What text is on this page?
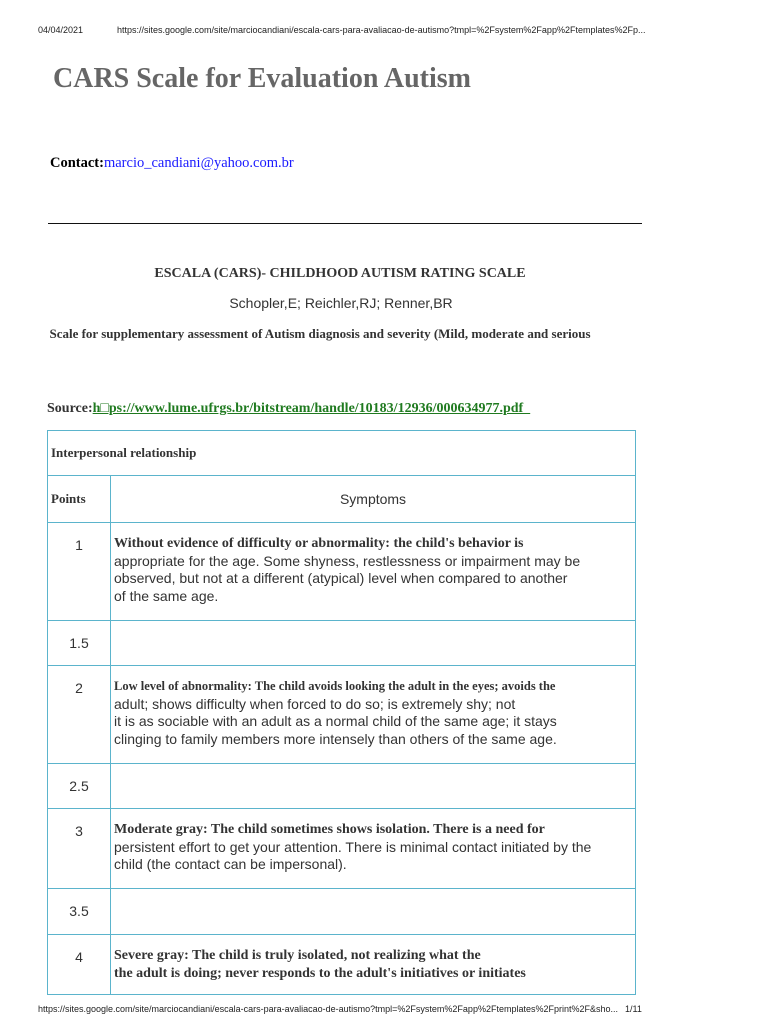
04/04/2021	https://sites.google.com/site/marciocandiani/escala-cars-para-avaliacao-de-autismo?tmpl=%2Fsystem%2Fapp%2Ftemplates%2Fp...
CARS Scale for Evaluation Autism
Contact:marcio_candiani@yahoo.com.br
ESCALA (CARS)- CHILDHOOD AUTISM RATING SCALE
Schopler,E; Reichler,RJ; Renner,BR
Scale for supplementary assessment of Autism diagnosis and severity (Mild, moderate and serious
Source:h□ps://www.lume.ufrgs.br/bitstream/handle/10183/12936/000634977.pdf
Interpersonal relationship	
Points	Symptoms
1	Without evidence of difficulty or abnormality: the child's behavior is
appropriate for the age. Some shyness, restlessness or impairment may be
observed, but not at a different (atypical) level when compared to another
of the same age.

1.5	
2	Low level of abnormality: The child avoids looking the adult in the eyes; avoids the
adult; shows difficulty when forced to do so; is extremely shy; not
it is as sociable with an adult as a normal child of the same age; it stays
clinging to family members more intensely than others of the same age.

2.5	
3	Moderate gray: The child sometimes shows isolation. There is a need for
persistent effort to get your attention. There is minimal contact initiated by the
child (the contact can be impersonal).

3.5	
4	Severe gray: The child is truly isolated, not realizing what the
the adult is doing; never responds to the adult's initiatives or initiates
https://sites.google.com/site/marciocandiani/escala-cars-para-avaliacao-de-autismo?tmpl=%2Fsystem%2Fapp%2Ftemplates%2Fprint%2F&sho... 1/11
